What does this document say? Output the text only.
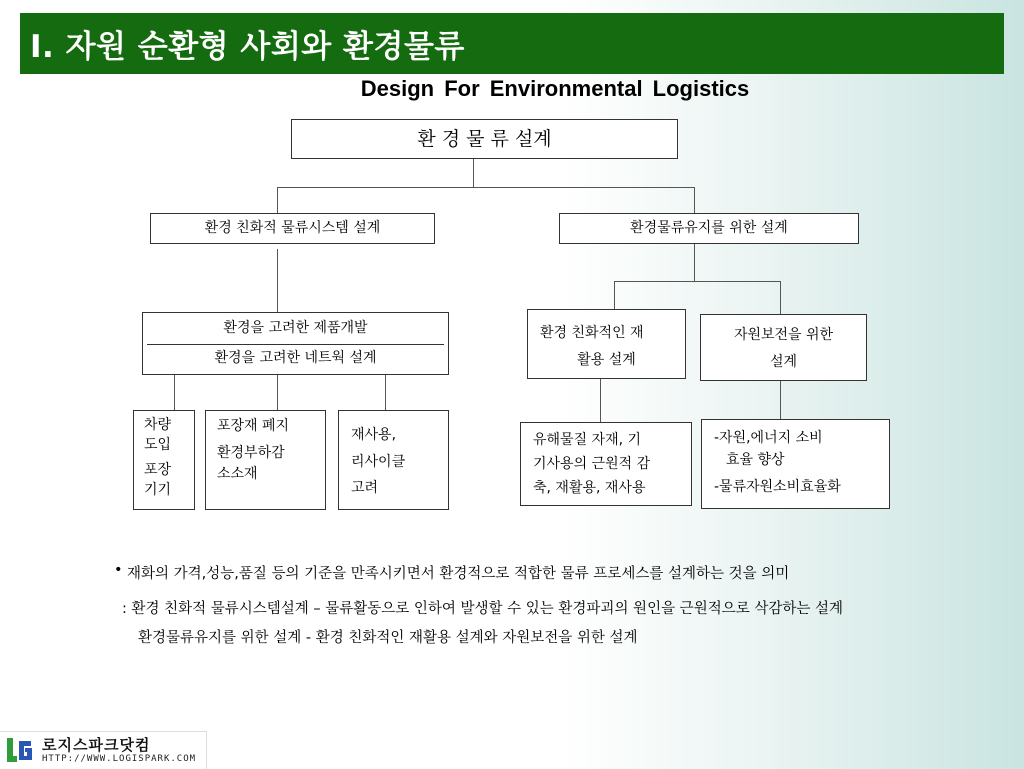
I. 자원 순환형 사회와 환경물류
Design For Environmental Logistics
환 경 물 류 설계
환경 친화적 물류시스템 설계	환경물류유지를 위한 설계
환경을 고려한 제품개발
환경을 고려한 네트웍 설계
차량
도입
포장
기기
포장재 폐지
환경부하감
소소재
재사용,
리사이클
고려
환경 친화적인 재
활용 설계
자원보전을 위한
설계
유해물질 자재, 기
기사용의 근원적 감
축, 재활용, 재사용
-자원,에너지 소비
효율 향상
-물류자원소비효율화
• 재화의 가격,성능,품질 등의 기준을 만족시키면서 환경적으로 적합한 물류 프로세스를 설계하는 것을 의미
: 환경 친화적 물류시스템설계 – 물류활동으로 인하여 발생할 수 있는 환경파괴의 원인을 근원적으로 삭감하는 설계
환경물류유지를 위한 설계 - 환경 친화적인 재활용 설계와 자원보전을 위한 설계
로지스파크닷컴
HTTP://WWW.LOGISPARK.COM
